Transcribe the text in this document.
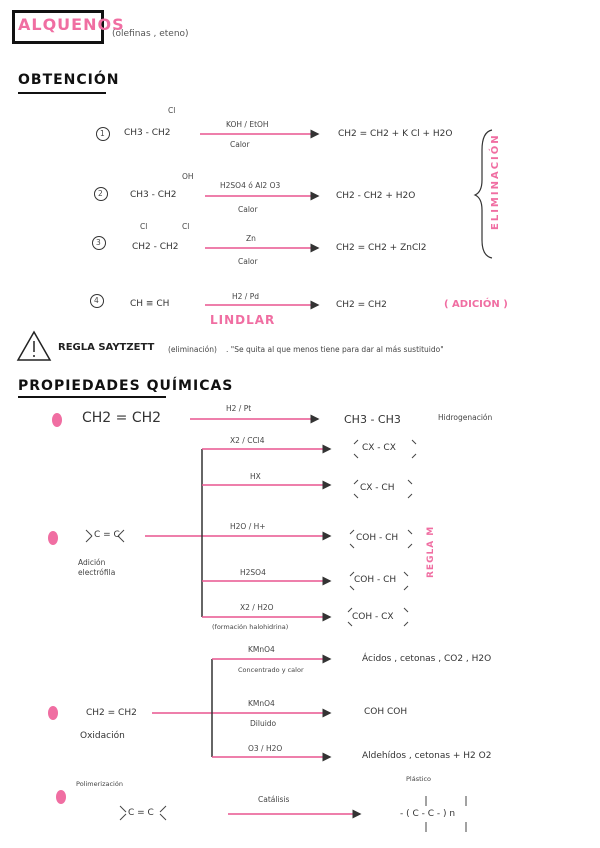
ALQUENOS
(olefinas , eteno)
OBTENCIÓN
1
Cl
CH3 - CH2
KOH / EtOH
Calor
CH2 = CH2 + K Cl + H2O
2
OH
CH3 - CH2
H2SO4 ó Al2 O3
Calor
CH2 - CH2 + H2O
3
Cl	Cl
CH2 - CH2
Zn
Calor
CH2 = CH2 + ZnCl2
4	CH ≡ CH
H2 / Pd
LINDLAR
CH2 = CH2	( ADICIÓN )
ELIMINACIÓN
REGLA SAYTZETT (eliminación) . "Se quita al que menos tiene para dar al más sustituido"
PROPIEDADES QUÍMICAS
CH2 = CH2
H2 / Pt
CH3 - CH3	Hidrogenación
C = C
Adición
electrófila	REGLA M
X2 / CCl4
CX - CX
HX
CX - CH
H2O / H+
COH - CH
H2SO4
COH - CH
X2 / H2O
COH - CX
(formación halohidrina)
CH2 = CH2
Oxidación
KMnO4
Concentrado y calor
Ácidos , cetonas , CO2 , H2O
KMnO4
Diluido
COH COH
O3 / H2O
Aldehídos , cetonas + H2 O2
Polimerización
C = C
Catálisis
Plástico
- ( C - C - ) n
